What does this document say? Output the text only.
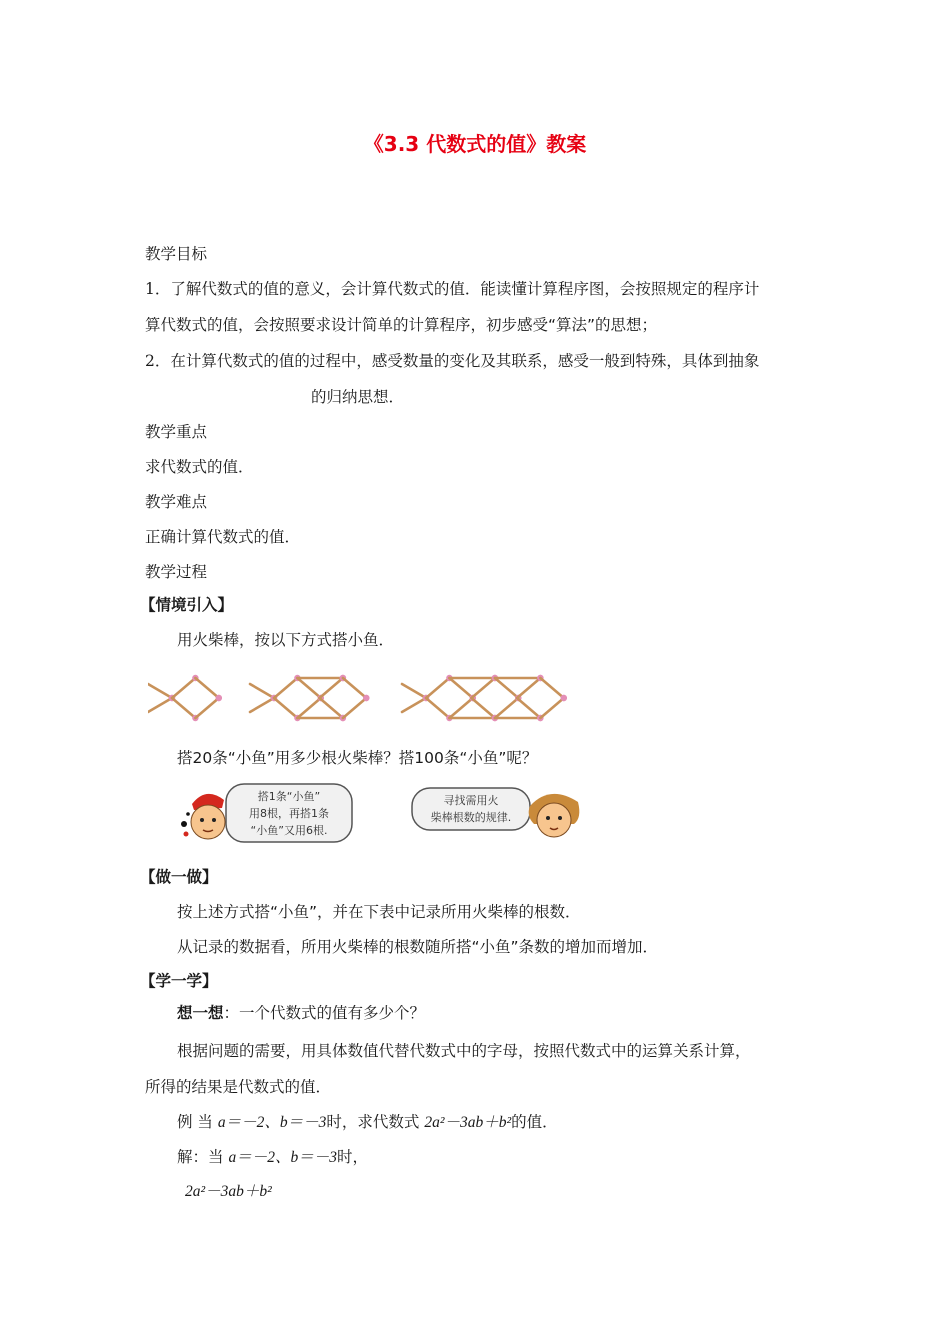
《3.3 代数式的值》教案
教学目标
1．了解代数式的值的意义，会计算代数式的值．能读懂计算程序图，会按照规定的程序计
算代数式的值，会按照要求设计简单的计算程序，初步感受“算法”的思想；
2．在计算代数式的值的过程中，感受数量的变化及其联系，感受一般到特殊，具体到抽象
的归纳思想．
教学重点
求代数式的值．
教学难点
正确计算代数式的值．
教学过程
【情境引入】
用火柴棒，按以下方式搭小鱼．
搭20条“小鱼”用多少根火柴棒？搭100条“小鱼”呢？
搭1条“小鱼”
用8根，再搭1条
“小鱼”又用6根.
寻找需用火
柴棒根数的规律.
【做一做】
按上述方式搭“小鱼”，并在下表中记录所用火柴棒的根数．
从记录的数据看，所用火柴棒的根数随所搭“小鱼”条数的增加而增加．
【学一学】
想一想：一个代数式的值有多少个？
根据问题的需要，用具体数值代替代数式中的字母，按照代数式中的运算关系计算，
所得的结果是代数式的值．
例 当 a＝－2、b＝－3时，求代数式 2a²－3ab＋b²的值．
解：当 a＝－2、b＝－3时，
2a²－3ab＋b²
